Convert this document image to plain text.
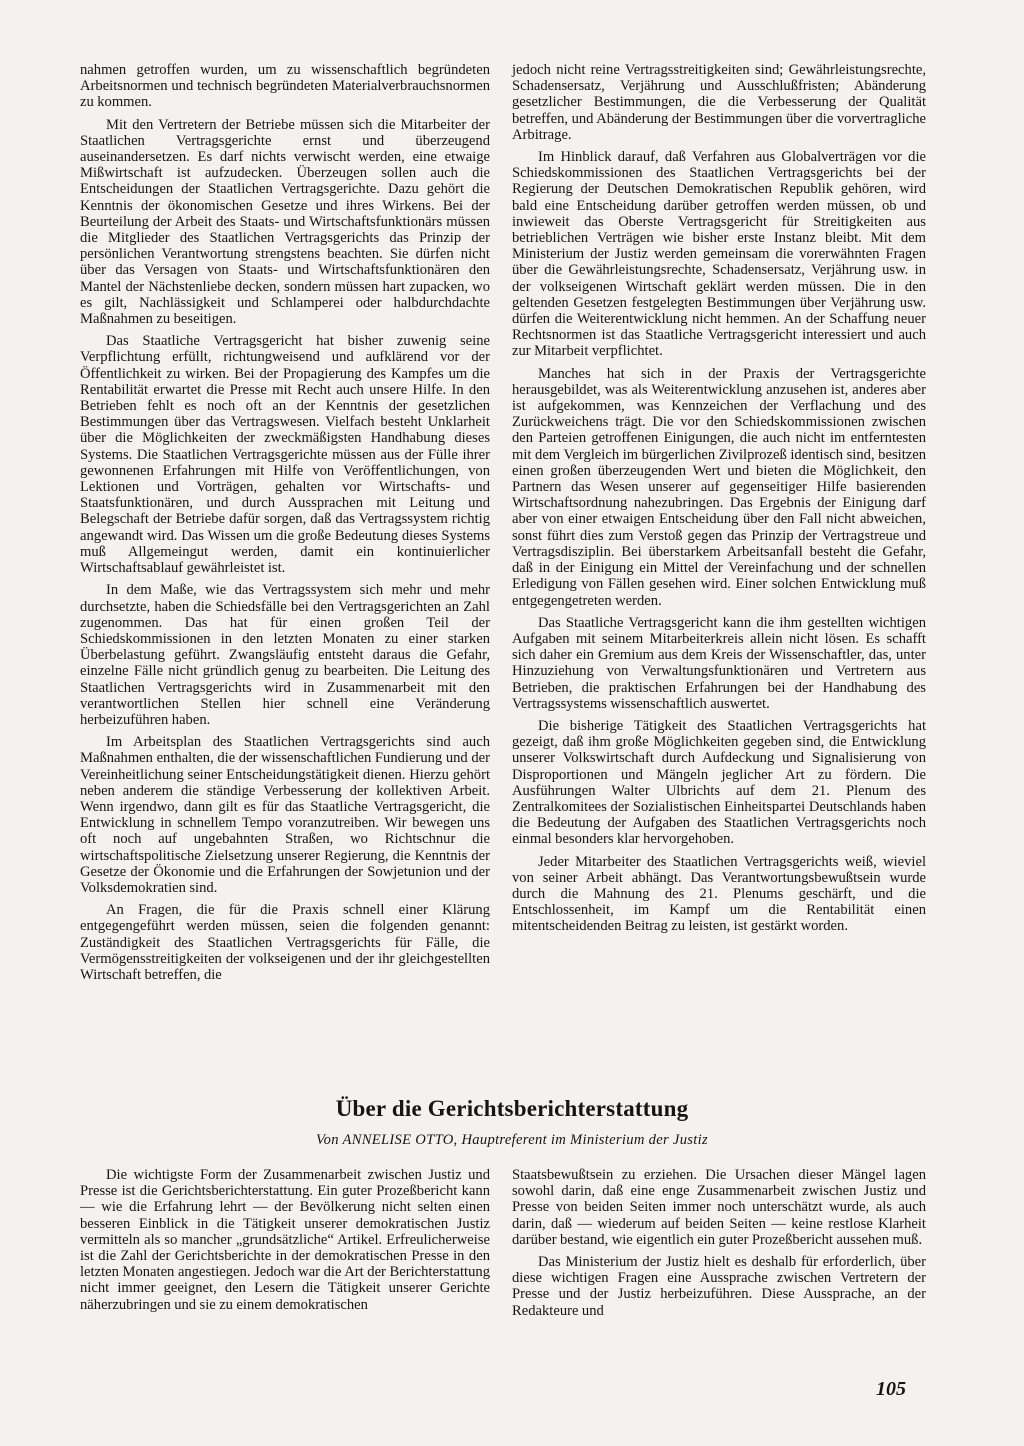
nahmen getroffen wurden, um zu wissenschaftlich begründeten Arbeitsnormen und technisch begründeten Materialverbrauchsnormen zu kommen.

Mit den Vertretern der Betriebe müssen sich die Mitarbeiter der Staatlichen Vertragsgerichte ernst und überzeugend auseinandersetzen. Es darf nichts verwischt werden, eine etwaige Mißwirtschaft ist aufzudecken. Überzeugen sollen auch die Entscheidungen der Staatlichen Vertragsgerichte. Dazu gehört die Kenntnis der ökonomischen Gesetze und ihres Wirkens. Bei der Beurteilung der Arbeit des Staats- und Wirtschaftsfunktionärs müssen die Mitglieder des Staatlichen Vertragsgerichts das Prinzip der persönlichen Verantwortung strengstens beachten. Sie dürfen nicht über das Versagen von Staats- und Wirtschaftsfunktionären den Mantel der Nächstenliebe decken, sondern müssen hart zupacken, wo es gilt, Nachlässigkeit und Schlamperei oder halbdurchdachte Maßnahmen zu beseitigen.

Das Staatliche Vertragsgericht hat bisher zuwenig seine Verpflichtung erfüllt, richtungweisend und aufklärend vor der Öffentlichkeit zu wirken. Bei der Propagierung des Kampfes um die Rentabilität erwartet die Presse mit Recht auch unsere Hilfe. In den Betrieben fehlt es noch oft an der Kenntnis der gesetzlichen Bestimmungen über das Vertragswesen. Vielfach besteht Unklarheit über die Möglichkeiten der zweckmäßigsten Handhabung dieses Systems. Die Staatlichen Vertragsgerichte müssen aus der Fülle ihrer gewonnenen Erfahrungen mit Hilfe von Veröffentlichungen, von Lektionen und Vorträgen, gehalten vor Wirtschafts- und Staatsfunktionären, und durch Aussprachen mit Leitung und Belegschaft der Betriebe dafür sorgen, daß das Vertragssystem richtig angewandt wird. Das Wissen um die große Bedeutung dieses Systems muß Allgemeingut werden, damit ein kontinuierlicher Wirtschaftsablauf gewährleistet ist.

In dem Maße, wie das Vertragssystem sich mehr und mehr durchsetzte, haben die Schiedsfälle bei den Vertragsgerichten an Zahl zugenommen. Das hat für einen großen Teil der Schiedskommissionen in den letzten Monaten zu einer starken Überbelastung geführt. Zwangsläufig entsteht daraus die Gefahr, einzelne Fälle nicht gründlich genug zu bearbeiten. Die Leitung des Staatlichen Vertragsgerichts wird in Zusammenarbeit mit den verantwortlichen Stellen hier schnell eine Veränderung herbeizuführen haben.

Im Arbeitsplan des Staatlichen Vertragsgerichts sind auch Maßnahmen enthalten, die der wissenschaftlichen Fundierung und der Vereinheitlichung seiner Entscheidungstätigkeit dienen. Hierzu gehört neben anderem die ständige Verbesserung der kollektiven Arbeit. Wenn irgendwo, dann gilt es für das Staatliche Vertragsgericht, die Entwicklung in schnellem Tempo voranzutreiben. Wir bewegen uns oft noch auf ungebahnten Straßen, wo Richtschnur die wirtschaftspolitische Zielsetzung unserer Regierung, die Kenntnis der Gesetze der Ökonomie und die Erfahrungen der Sowjetunion und der Volksdemokratien sind.

An Fragen, die für die Praxis schnell einer Klärung entgegengeführt werden müssen, seien die folgenden genannt: Zuständigkeit des Staatlichen Vertragsgerichts für Fälle, die Vermögensstreitigkeiten der volkseigenen und der ihr gleichgestellten Wirtschaft betreffen, die

jedoch nicht reine Vertragsstreitigkeiten sind; Gewährleistungsrechte, Schadensersatz, Verjährung und Ausschlußfristen; Abänderung gesetzlicher Bestimmungen, die die Verbesserung der Qualität betreffen, und Abänderung der Bestimmungen über die vorvertragliche Arbitrage.

Im Hinblick darauf, daß Verfahren aus Globalverträgen vor die Schiedskommissionen des Staatlichen Vertragsgerichts bei der Regierung der Deutschen Demokratischen Republik gehören, wird bald eine Entscheidung darüber getroffen werden müssen, ob und inwieweit das Oberste Vertragsgericht für Streitigkeiten aus betrieblichen Verträgen wie bisher erste Instanz bleibt. Mit dem Ministerium der Justiz werden gemeinsam die vorerwähnten Fragen über die Gewährleistungsrechte, Schadensersatz, Verjährung usw. in der volkseigenen Wirtschaft geklärt werden müssen. Die in den geltenden Gesetzen festgelegten Bestimmungen über Verjährung usw. dürfen die Weiterentwicklung nicht hemmen. An der Schaffung neuer Rechtsnormen ist das Staatliche Vertragsgericht interessiert und auch zur Mitarbeit verpflichtet.

Manches hat sich in der Praxis der Vertragsgerichte herausgebildet, was als Weiterentwicklung anzusehen ist, anderes aber ist aufgekommen, was Kennzeichen der Verflachung und des Zurückweichens trägt. Die vor den Schiedskommissionen zwischen den Parteien getroffenen Einigungen, die auch nicht im entferntesten mit dem Vergleich im bürgerlichen Zivilprozeß identisch sind, besitzen einen großen überzeugenden Wert und bieten die Möglichkeit, den Partnern das Wesen unserer auf gegenseitiger Hilfe basierenden Wirtschaftsordnung nahezubringen. Das Ergebnis der Einigung darf aber von einer etwaigen Entscheidung über den Fall nicht abweichen, sonst führt dies zum Verstoß gegen das Prinzip der Vertragstreue und Vertragsdisziplin. Bei überstarkem Arbeitsanfall besteht die Gefahr, daß in der Einigung ein Mittel der Vereinfachung und der schnellen Erledigung von Fällen gesehen wird. Einer solchen Entwicklung muß entgegengetreten werden.

Das Staatliche Vertragsgericht kann die ihm gestellten wichtigen Aufgaben mit seinem Mitarbeiterkreis allein nicht lösen. Es schafft sich daher ein Gremium aus dem Kreis der Wissenschaftler, das, unter Hinzuziehung von Verwaltungsfunktionären und Vertretern aus Betrieben, die praktischen Erfahrungen bei der Handhabung des Vertragssystems wissenschaftlich auswertet.

Die bisherige Tätigkeit des Staatlichen Vertragsgerichts hat gezeigt, daß ihm große Möglichkeiten gegeben sind, die Entwicklung unserer Volkswirtschaft durch Aufdeckung und Signalisierung von Disproportionen und Mängeln jeglicher Art zu fördern. Die Ausführungen Walter Ulbrichts auf dem 21. Plenum des Zentralkomitees der Sozialistischen Einheitspartei Deutschlands haben die Bedeutung der Aufgaben des Staatlichen Vertragsgerichts noch einmal besonders klar hervorgehoben.

Jeder Mitarbeiter des Staatlichen Vertragsgerichts weiß, wieviel von seiner Arbeit abhängt. Das Verantwortungsbewußtsein wurde durch die Mahnung des 21. Plenums geschärft, und die Entschlossenheit, im Kampf um die Rentabilität einen mitentscheidenden Beitrag zu leisten, ist gestärkt worden.

Über die Gerichtsberichterstattung
Von ANNELISE OTTO, Hauptreferent im Ministerium der Justiz

Die wichtigste Form der Zusammenarbeit zwischen Justiz und Presse ist die Gerichtsberichterstattung. Ein guter Prozeßbericht kann — wie die Erfahrung lehrt — der Bevölkerung nicht selten einen besseren Einblick in die Tätigkeit unserer demokratischen Justiz vermitteln als so mancher „grundsätzliche“ Artikel. Erfreulicherweise ist die Zahl der Gerichtsberichte in der demokratischen Presse in den letzten Monaten angestiegen. Jedoch war die Art der Berichterstattung nicht immer geeignet, den Lesern die Tätigkeit unserer Gerichte näherzubringen und sie zu einem demokratischen

Staatsbewußtsein zu erziehen. Die Ursachen dieser Mängel lagen sowohl darin, daß eine enge Zusammenarbeit zwischen Justiz und Presse von beiden Seiten immer noch unterschätzt wurde, als auch darin, daß — wiederum auf beiden Seiten — keine restlose Klarheit darüber bestand, wie eigentlich ein guter Prozeßbericht aussehen muß.

Das Ministerium der Justiz hielt es deshalb für erforderlich, über diese wichtigen Fragen eine Aussprache zwischen Vertretern der Presse und der Justiz herbeizuführen. Diese Aussprache, an der Redakteure und

105
